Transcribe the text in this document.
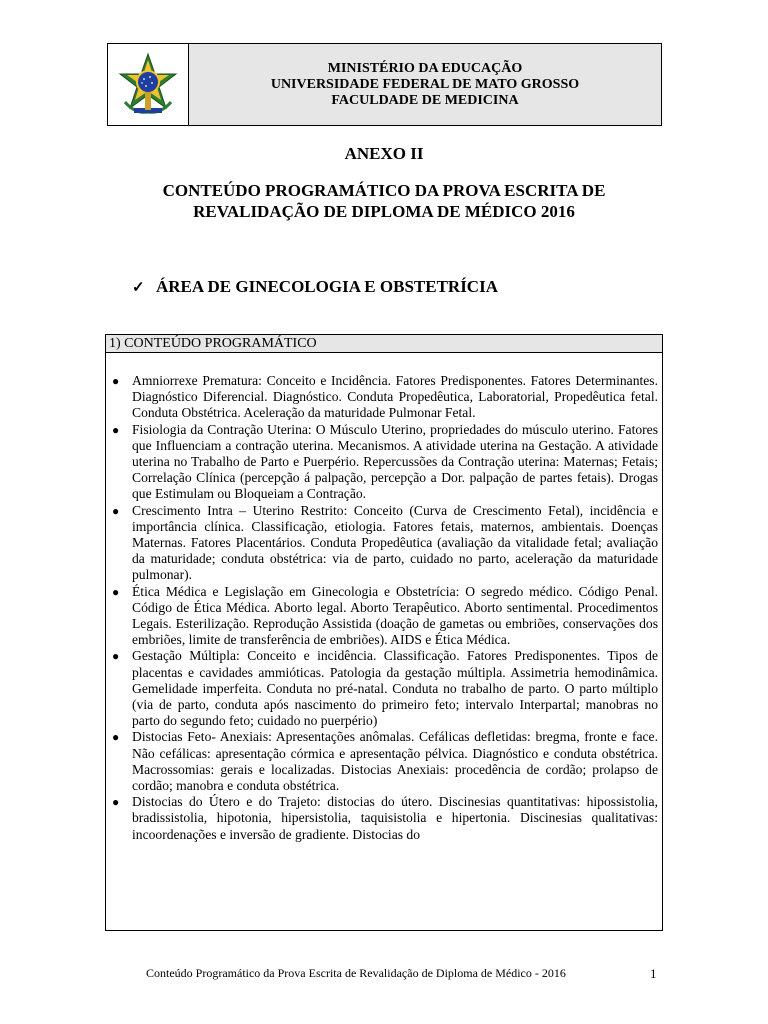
MINISTÉRIO DA EDUCAÇÃO
UNIVERSIDADE FEDERAL DE MATO GROSSO
FACULDADE DE MEDICINA
ANEXO II
CONTEÚDO PROGRAMÁTICO DA PROVA ESCRITA DE
REVALIDAÇÃO DE DIPLOMA DE MÉDICO 2016
✓ ÁREA DE GINECOLOGIA E OBSTETRÍCIA
1) CONTEÚDO PROGRAMÁTICO
● Amniorrexe Prematura: Conceito e Incidência. Fatores Predisponentes. Fatores Determinantes. Diagnóstico Diferencial. Diagnóstico. Conduta Propedêutica, Laboratorial, Propedêutica fetal. Conduta Obstétrica. Aceleração da maturidade Pulmonar Fetal.
● Fisiologia da Contração Uterina: O Músculo Uterino, propriedades do músculo uterino. Fatores que Influenciam a contração uterina. Mecanismos. A atividade uterina na Gestação. A atividade uterina no Trabalho de Parto e Puerpério. Repercussões da Contração uterina: Maternas; Fetais; Correlação Clínica (percepção á palpação, percepção a Dor. palpação de partes fetais). Drogas que Estimulam ou Bloqueiam a Contração.
● Crescimento Intra – Uterino Restrito: Conceito (Curva de Crescimento Fetal), incidência e importância clínica. Classificação, etiologia. Fatores fetais, maternos, ambientais. Doenças Maternas. Fatores Placentários. Conduta Propedêutica (avaliação da vitalidade fetal; avaliação da maturidade; conduta obstétrica: via de parto, cuidado no parto, aceleração da maturidade pulmonar).
● Ética Médica e Legislação em Ginecologia e Obstetrícia: O segredo médico. Código Penal. Código de Ética Médica. Aborto legal. Aborto Terapêutico. Aborto sentimental. Procedimentos Legais. Esterilização. Reprodução Assistida (doação de gametas ou embriões, conservações dos embriões, limite de transferência de embriões). AIDS e Ética Médica.
● Gestação Múltipla: Conceito e incidência. Classificação. Fatores Predisponentes. Tipos de placentas e cavidades ammióticas. Patologia da gestação múltipla. Assimetria hemodinâmica. Gemelidade imperfeita. Conduta no pré-natal. Conduta no trabalho de parto. O parto múltiplo (via de parto, conduta após nascimento do primeiro feto; intervalo Interpartal; manobras no parto do segundo feto; cuidado no puerpério)
● Distocias Feto- Anexiais: Apresentações anômalas. Cefálicas defletidas: bregma, fronte e face. Não cefálicas: apresentação córmica e apresentação pélvica. Diagnóstico e conduta obstétrica. Macrossomias: gerais e localizadas. Distocias Anexiais: procedência de cordão; prolapso de cordão; manobra e conduta obstétrica.
● Distocias do Útero e do Trajeto: distocias do útero. Discinesias quantitativas: hipossistolia, bradissistolia, hipotonia, hipersistolia, taquisistolia e hipertonia. Discinesias qualitativas: incoordenações e inversão de gradiente. Distocias do
Conteúdo Programático da Prova Escrita de Revalidação de Diploma de Médico - 2016	1
